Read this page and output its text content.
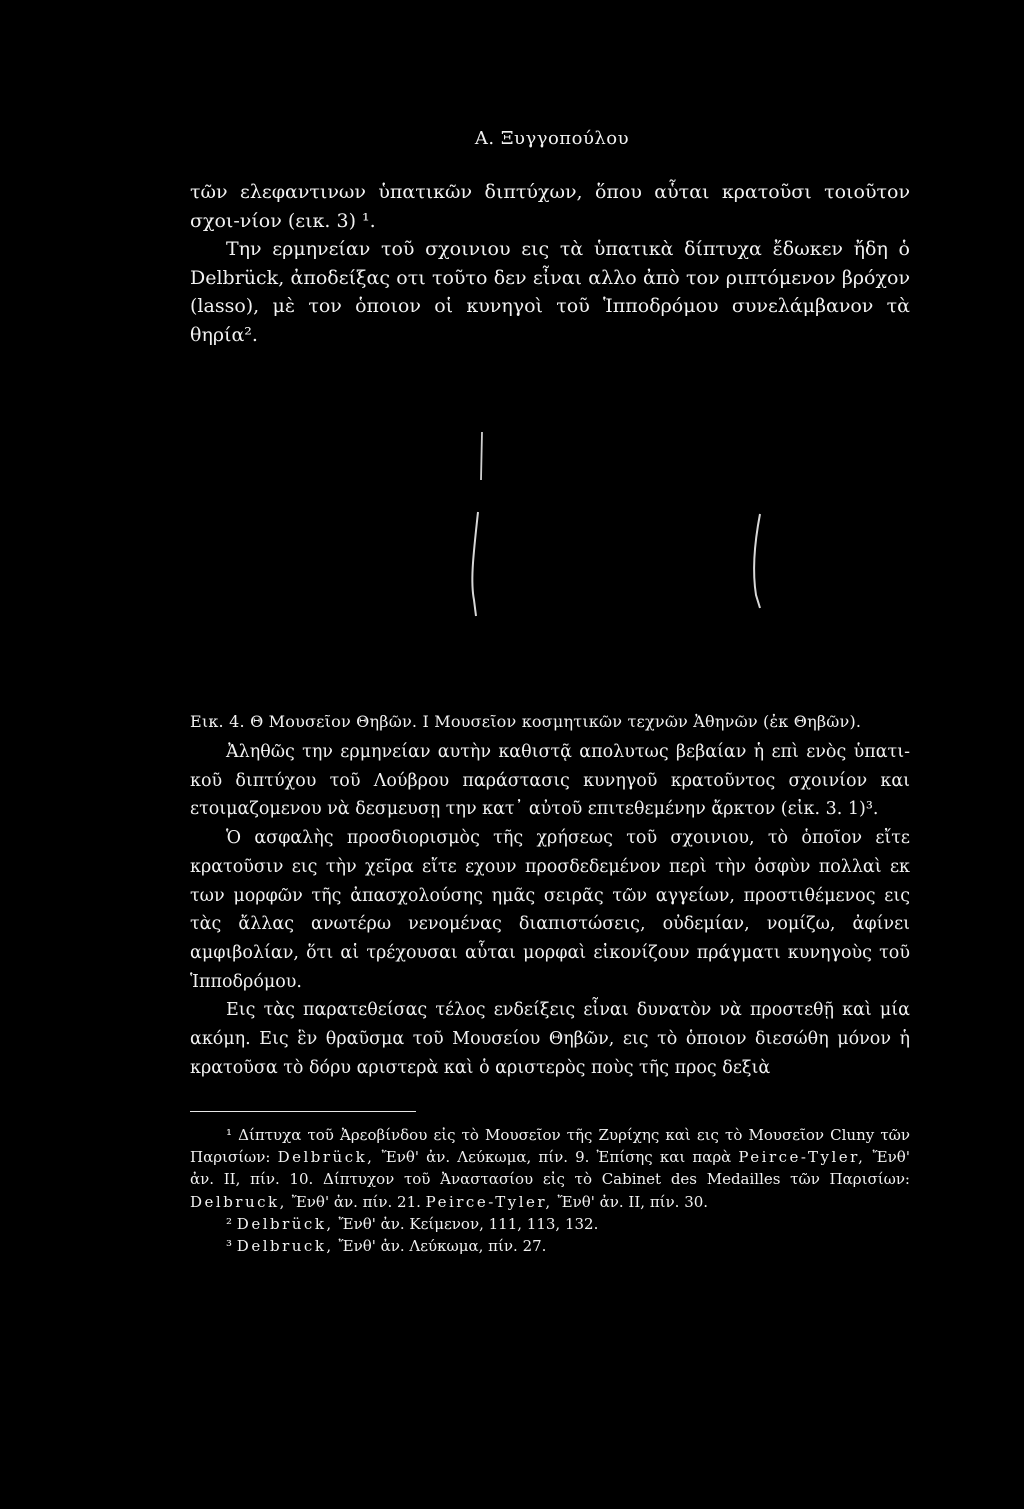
Α. Ξυγγοπούλου

τῶν ελεφαντινων ὑπατικῶν διπτύχων, ὅπου αὗται κρατοῦσι τοιοῦτον σχοι-νίον (εικ. 3) ¹.

Την ερμηνείαν τοῦ σχοινιου εις τὰ ὑπατικὰ δίπτυχα ἔδωκεν ἤδη ὁ Delbrück, ἀποδείξας οτι τοῦτο δεν εἶναι αλλο ἀπὸ τον ριπτόμενον βρόχον (lasso), μὲ τον ὁποιον οἱ κυνηγοὶ τοῦ Ἱπποδρόμου συνελάμβανον τὰ θηρία².

Εικ. 4. Θ Μουσεῖον Θηβῶν. Ι Μουσεῖον κοσμητικῶν τεχνῶν Ἀθηνῶν (ἐκ Θηβῶν).

Ἀληθῶς την ερμηνείαν αυτὴν καθιστᾷ απολυτως βεβαίαν ἡ επὶ ενὸς ὑπατι-κοῦ διπτύχου τοῦ Λούβρου παράστασις κυνηγοῦ κρατοῦντος σχοινίον και ετοιμαζομενου νὰ δεσμευσῃ την κατ᾽ αὐτοῦ επιτεθεμένην ἄρκτον (εἰκ. 3. 1)³.

Ὁ ασφαλὴς προσδιορισμὸς τῆς χρήσεως τοῦ σχοινιου, τὸ ὁποῖον εἴτε κρατοῦσιν εις τὴν χεῖρα εἴτε εχουν προσδεδεμένον περὶ τὴν ὀσφὺν πολλαὶ εκ των μορφῶν τῆς ἀπασχολούσης ημᾶς σειρᾶς τῶν αγγείων, προστιθέμενος εις τὰς ἄλλας ανωτέρω νενομένας διαπιστώσεις, οὐδεμίαν, νομίζω, ἀφίνει αμφιβολίαν, ὅτι αἱ τρέχουσαι αὗται μορφαὶ εἰκονίζουν πράγματι κυνηγοὺς τοῦ Ἱπποδρόμου.

Εις τὰς παρατεθείσας τέλος ενδείξεις εἶναι δυνατὸν νὰ προστεθῇ καὶ μία ακόμη. Εις ἓν θραῦσμα τοῦ Μουσείου Θηβῶν, εις τὸ ὁποιον διεσώθη μόνον ἡ κρατοῦσα τὸ δόρυ αριστερὰ καὶ ὁ αριστερὸς ποὺς τῆς προς δεξιὰ

¹ Δίπτυχα τοῦ Ἀρεοβίνδου εἰς τὸ Μουσεῖον τῆς Ζυρίχης καὶ εις τὸ Μουσεῖον Cluny τῶν Παρισίων: Delbrück, Ἔνθ' ἀν. Λεύκωμα, πίν. 9. Ἐπίσης και παρὰ Peirce-Tyler, Ἔνθ' ἀν. II, πίν. 10. Δίπτυχον τοῦ Ἀναστασίου εἰς τὸ Cabinet des Medailles τῶν Παρισίων: Delbruck, Ἔνθ' ἀν. πίν. 21. Peirce-Tyler, Ἔνθ' ἀν. II, πίν. 30.

² Delbrück, Ἔνθ' ἀν. Κείμενον, 111, 113, 132.

³ Delbruck, Ἔνθ' ἀν. Λεύκωμα, πίν. 27.
